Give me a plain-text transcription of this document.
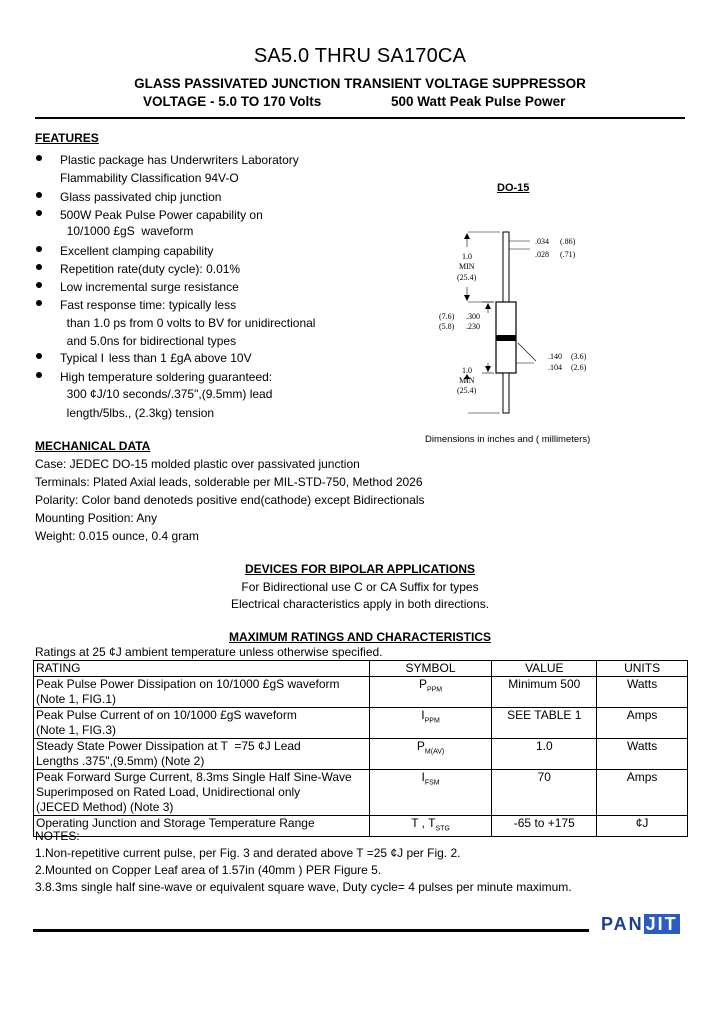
SA5.0 THRU SA170CA
GLASS PASSIVATED JUNCTION TRANSIENT VOLTAGE SUPPRESSOR
VOLTAGE - 5.0 TO 170 Volts	500 Watt Peak Pulse Power
FEATURES
Plastic package has Underwriters Laboratory
Flammability Classification 94V-O
Glass passivated chip junction
500W Peak Pulse Power capability on
10/1000 £gS  waveform
Excellent clamping capability
Repetition rate(duty cycle): 0.01%
Low incremental surge resistance
Fast response time: typically less
than 1.0 ps from 0 volts to BV for unidirectional
and 5.0ns for bidirectional types
Typical I  less than 1 £gA above 10V
High temperature soldering guaranteed:
300 ¢J/10 seconds/.375",(9.5mm) lead
length/5lbs., (2.3kg) tension
DO-15
1.0
MIN
(25.4)
.034
.028
(.86)
(.71)
(7.6)
(5.8)
.300
.230
.140
.104
(3.6)
(2.6)
1.0
MIN
(25.4)
Dimensions in inches and ( millimeters)
MECHANICAL DATA
Case: JEDEC DO-15 molded plastic over passivated junction
Terminals: Plated Axial leads, solderable per MIL-STD-750, Method 2026
Polarity: Color band denoteds positive end(cathode) except Bidirectionals
Mounting Position: Any
Weight: 0.015 ounce, 0.4 gram
DEVICES FOR BIPOLAR APPLICATIONS
For Bidirectional use C or CA Suffix for types
Electrical characteristics apply in both directions.
MAXIMUM RATINGS AND CHARACTERISTICS
Ratings at 25 ¢J ambient temperature unless otherwise specified.
RATING	SYMBOL	VALUE	UNITS

Peak Pulse Power Dissipation on 10/1000 £gS waveform
(Note 1, FIG.1)	$P_{PPM}$	Minimum 500	Watts

Peak Pulse Current of on 10/1000 £gS waveform
(Note 1, FIG.3)	$I_{PPM}$	SEE TABLE 1	Amps

Steady State Power Dissipation at T  =75 ¢J Lead
Lengths .375",(9.5mm) (Note 2)	$P_{M(AV)}$	1.0	Watts

Peak Forward Surge Current, 8.3ms Single Half Sine-Wave
Superimposed on Rated Load, Unidirectional only
(JECED Method) (Note 3)	$I_{FSM}$	70	Amps

Operating Junction and Storage Temperature Range	T , $T_{STG}$	-65 to +175	¢J
NOTES:
1.Non-repetitive current pulse, per Fig. 3 and derated above T =25 ¢J per Fig. 2.
2.Mounted on Copper Leaf area of 1.57in (40mm ) PER Figure 5.
3.8.3ms single half sine-wave or equivalent square wave, Duty cycle= 4 pulses per minute maximum.
PAN JIT
